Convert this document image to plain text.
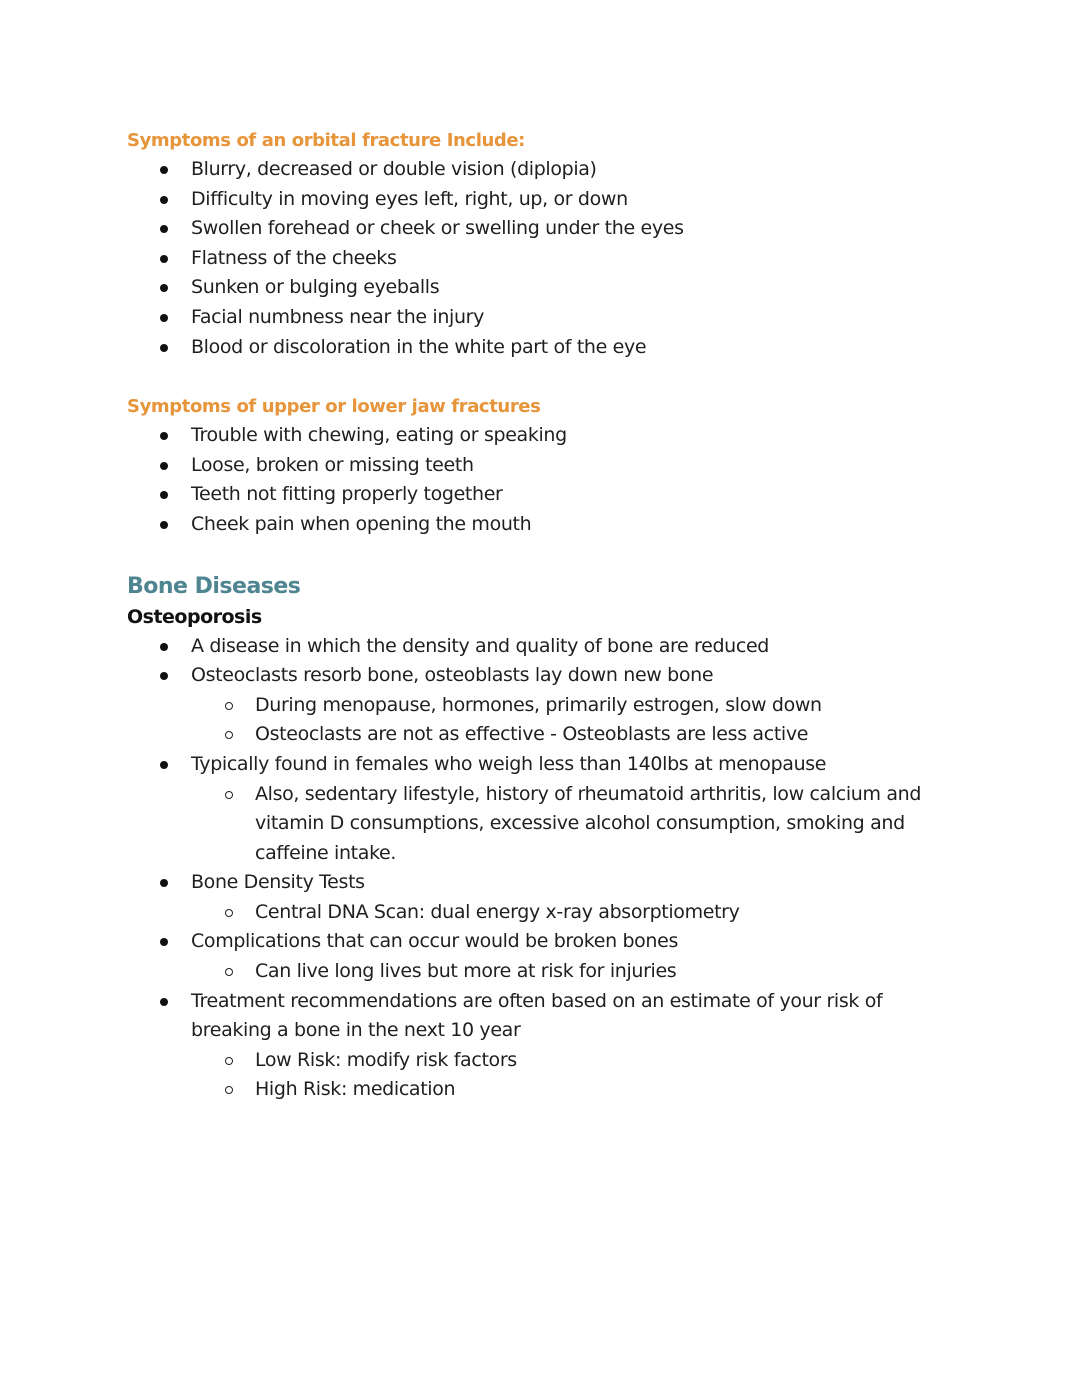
Symptoms of an orbital fracture Include:
Blurry, decreased or double vision (diplopia)
Difficulty in moving eyes left, right, up, or down
Swollen forehead or cheek or swelling under the eyes
Flatness of the cheeks
Sunken or bulging eyeballs
Facial numbness near the injury
Blood or discoloration in the white part of the eye
Symptoms of upper or lower jaw fractures
Trouble with chewing, eating or speaking
Loose, broken or missing teeth
Teeth not fitting properly together
Cheek pain when opening the mouth
Bone Diseases
Osteoporosis
A disease in which the density and quality of bone are reduced
Osteoclasts resorb bone, osteoblasts lay down new bone
During menopause, hormones, primarily estrogen, slow down
Osteoclasts are not as effective - Osteoblasts are less active
Typically found in females who weigh less than 140lbs at menopause
Also, sedentary lifestyle, history of rheumatoid arthritis, low calcium and vitamin D consumptions, excessive alcohol consumption, smoking and caffeine intake.
Bone Density Tests
Central DNA Scan: dual energy x-ray absorptiometry
Complications that can occur would be broken bones
Can live long lives but more at risk for injuries
Treatment recommendations are often based on an estimate of your risk of breaking a bone in the next 10 year
Low Risk: modify risk factors
High Risk: medication
